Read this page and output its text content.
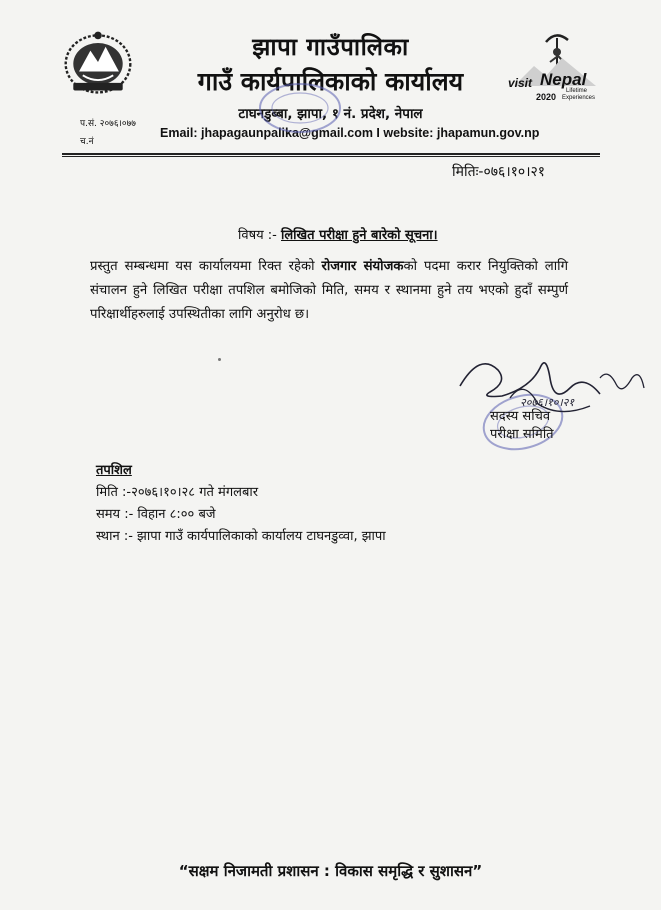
visit Nepal
2020
Lifetime
Experiences
झापा गाउँपालिका
गाउँ कार्यपालिकाको कार्यालय
टाघनडुब्बा, झापा, १ नं. प्रदेश, नेपाल
प.सं. २०७६।०७७
च.नं
Email: jhapagaunpalika@gmail.com I website: jhapamun.gov.np
मितिः-०७६।१०।२१
विषय :- लिखित परीक्षा हुने बारेको सूचना।
प्रस्तुत सम्बन्धमा यस कार्यालयमा रिक्त रहेको रोजगार संयोजकको पदमा करार नियुक्तिको लागि संचालन हुने लिखित परीक्षा तपशिल बमोजिको मिति, समय र स्थानमा हुने तय भएको हुदाँ सम्पुर्ण परिक्षार्थीहरुलाई उपस्थितीका लागि अनुरोध छ।
२०७६।१०।२१
सदस्य सचिव
परीक्षा समिति
तपशिल
मिति :-२०७६।१०।२८ गते मंगलबार
समय :- विहान ८:०० बजे
स्थान :- झापा गाउँ कार्यपालिकाको कार्यालय टाघनडुव्वा, झापा
“सक्षम निजामती प्रशासन : विकास समृद्धि र सुशासन”
